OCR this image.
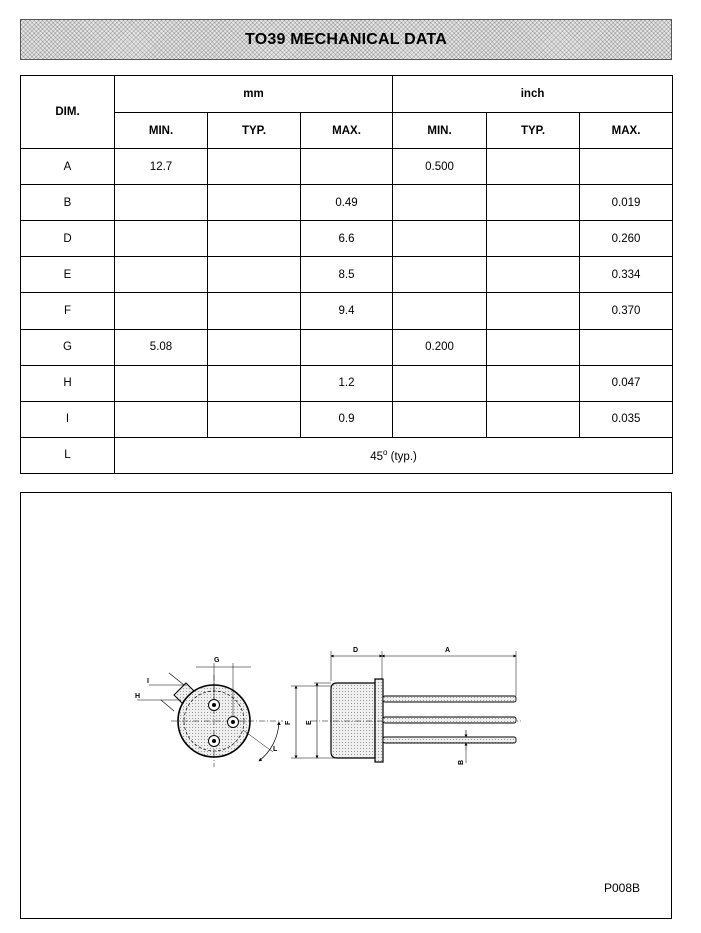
TO39 MECHANICAL DATA
DIM.	mm			inch		
	MIN.	TYP.	MAX.	MIN.	TYP.	MAX.
A	12.7			0.500		
B			0.49			0.019
D			6.6			0.260
E			8.5			0.334
F			9.4			0.370
G	5.08			0.200		
H			1.2			0.047
I			0.9			0.035
L	45$^o$ (typ.)					
G
I
H
L
D	A
F E
B
P008B
